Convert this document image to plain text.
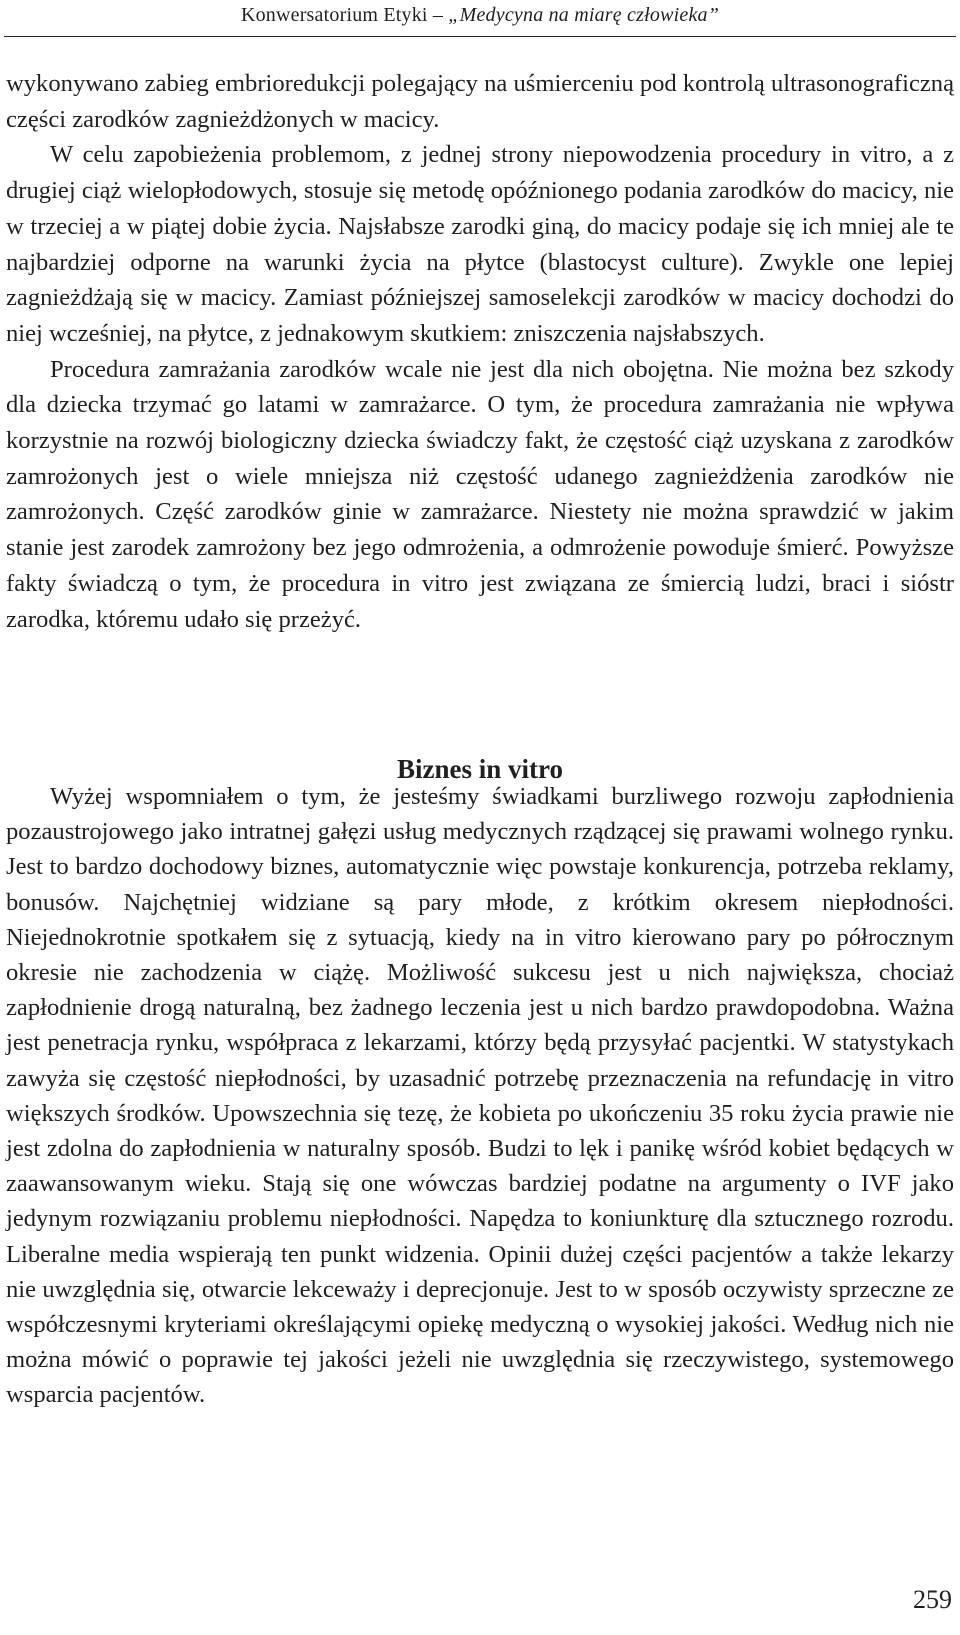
Konwersatorium Etyki – „Medycyna na miarę człowieka”

wykonywano zabieg embrioredukcji polegający na uśmierceniu pod kontrolą ultrasonograficzną części zarodków zagnieżdżonych w macicy.

W celu zapobieżenia problemom, z jednej strony niepowodzenia procedury in vitro, a z drugiej ciąż wielopłodowych, stosuje się metodę opóźnionego podania zarodków do macicy, nie w trzeciej a w piątej dobie życia. Najsłabsze zarodki giną, do macicy podaje się ich mniej ale te najbardziej odporne na warunki życia na płytce (blastocyst culture). Zwykle one lepiej zagnieżdżają się w macicy. Zamiast późniejszej samoselekcji zarodków w macicy dochodzi do niej wcześniej, na płytce, z jednakowym skutkiem: zniszczenia najsłabszych.

Procedura zamrażania zarodków wcale nie jest dla nich obojętna. Nie można bez szkody dla dziecka trzymać go latami w zamrażarce. O tym, że procedura zamrażania nie wpływa korzystnie na rozwój biologiczny dziecka świadczy fakt, że częstość ciąż uzyskana z zarodków zamrożonych jest o wiele mniejsza niż częstość udanego zagnieżdżenia zarodków nie zamrożonych. Część zarodków ginie w zamrażarce. Niestety nie można sprawdzić w jakim stanie jest zarodek zamrożony bez jego odmrożenia, a odmrożenie powoduje śmierć. Powyższe fakty świadczą o tym, że procedura in vitro jest związana ze śmiercią ludzi, braci i sióstr zarodka, któremu udało się przeżyć.

Biznes in vitro

Wyżej wspomniałem o tym, że jesteśmy świadkami burzliwego rozwoju zapłodnienia pozaustrojowego jako intratnej gałęzi usług medycznych rządzącej się prawami wolnego rynku. Jest to bardzo dochodowy biznes, automatycznie więc powstaje konkurencja, potrzeba reklamy, bonusów. Najchętniej widziane są pary młode, z krótkim okresem niepłodności. Niejednokrotnie spotkałem się z sytuacją, kiedy na in vitro kierowano pary po półrocznym okresie nie zachodzenia w ciążę. Możliwość sukcesu jest u nich największa, chociaż zapłodnienie drogą naturalną, bez żadnego leczenia jest u nich bardzo prawdopodobna. Ważna jest penetracja rynku, współpraca z lekarzami, którzy będą przysyłać pacjentki. W statystykach zawyża się częstość niepłodności, by uzasadnić potrzebę przeznaczenia na refundację in vitro większych środków. Upowszechnia się tezę, że kobieta po ukończeniu 35 roku życia prawie nie jest zdolna do zapłodnienia w naturalny sposób. Budzi to lęk i panikę wśród kobiet będących w zaawansowanym wieku. Stają się one wówczas bardziej podatne na argumenty o IVF jako jedynym rozwiązaniu problemu niepłodności. Napędza to koniunkturę dla sztucznego rozrodu. Liberalne media wspierają ten punkt widzenia. Opinii dużej części pacjentów a także lekarzy nie uwzględnia się, otwarcie lekceważy i deprecjonuje. Jest to w sposób oczywisty sprzeczne ze współczesnymi kryteriami określającymi opiekę medyczną o wysokiej jakości. Według nich nie można mówić o poprawie tej jakości jeżeli nie uwzględnia się rzeczywistego, systemowego wsparcia pacjentów.

259
